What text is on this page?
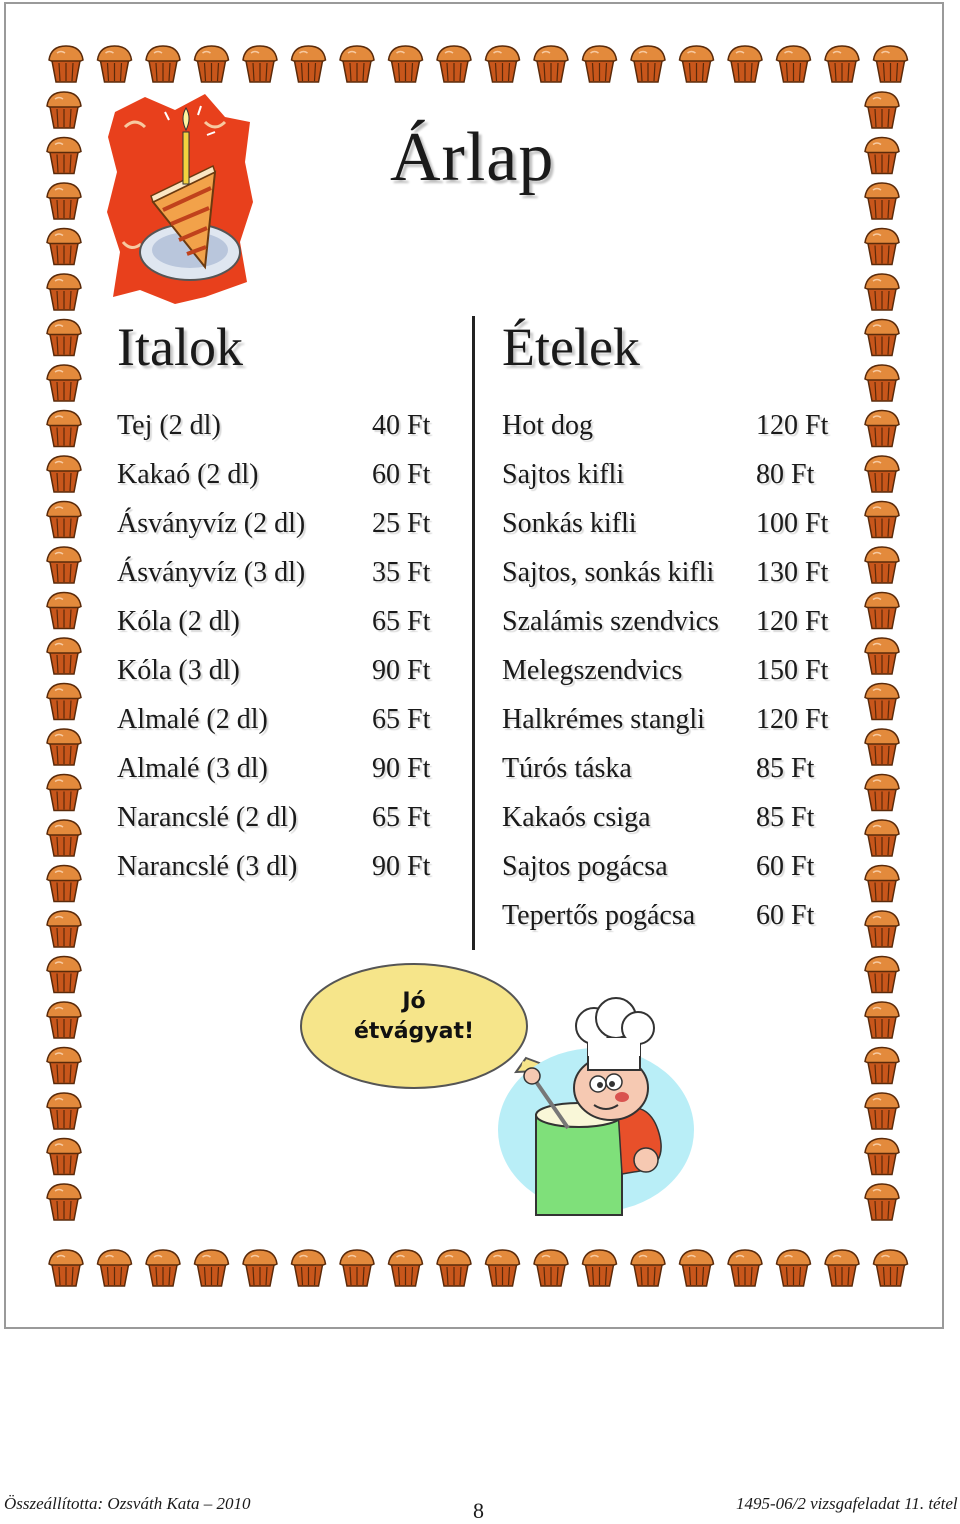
Árlap
Italok	Ételek
Tej (2 dl)	40 Ft
Kakaó (2 dl)	60 Ft
Ásványvíz (2 dl) 25 Ft
Ásványvíz (3 dl) 35 Ft
Kóla (2 dl)	65 Ft
Kóla (3 dl)	90 Ft
Almalé (2 dl)	65 Ft
Almalé (3 dl)	90 Ft
Narancslé (2 dl)	65 Ft
Narancslé (3 dl)	90 Ft
Hot dog	120 Ft
Sajtos kifli	80 Ft
Sonkás kifli	100 Ft
Sajtos, sonkás kifli 130 Ft
Szalámis szendvics 120 Ft
Melegszendvics	150 Ft
Halkrémes stangli 120 Ft
Túrós táska	85 Ft
Kakaós csiga	85 Ft
Sajtos pogácsa	60 Ft
Tepertős pogácsa 60 Ft
Jó
étvágyat!
Összeállította: Ozsváth Kata – 2010	8	1495-06/2 vizsgafeladat 11. tétel
